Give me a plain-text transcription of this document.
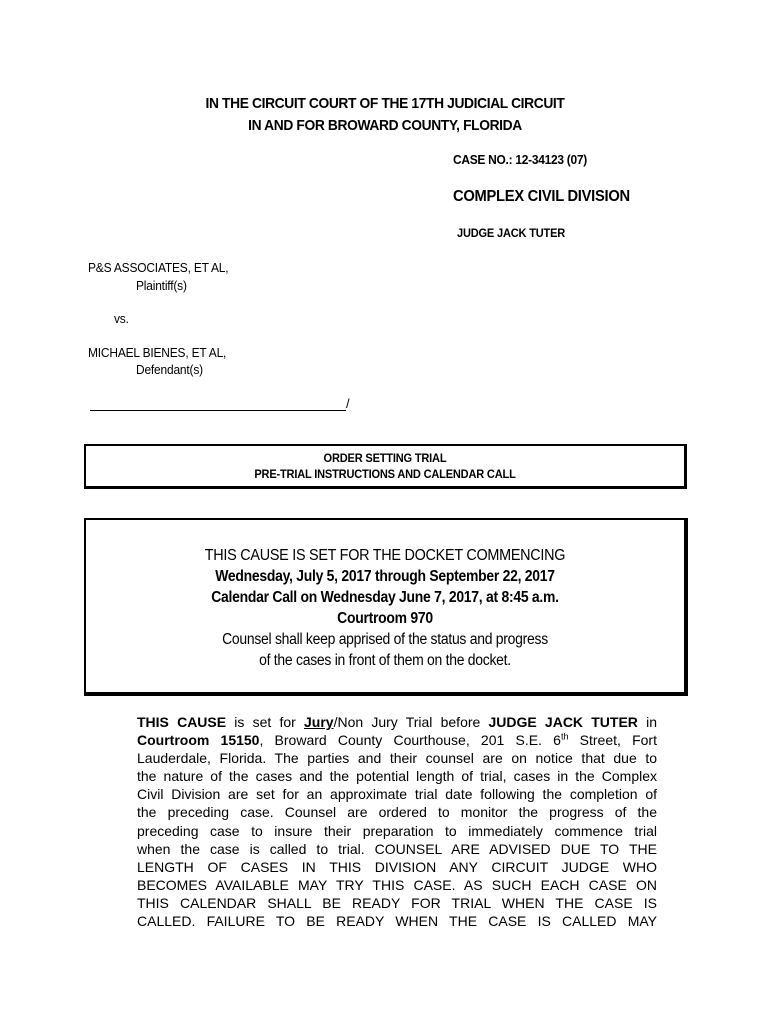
IN THE CIRCUIT COURT OF THE 17TH JUDICIAL CIRCUIT
IN AND FOR BROWARD COUNTY, FLORIDA
CASE NO.: 12-34123 (07)
COMPLEX CIVIL DIVISION
JUDGE JACK TUTER
P&S ASSOCIATES, ET AL,
Plaintiff(s)
vs.
MICHAEL BIENES, ET AL,
Defendant(s)
/
ORDER SETTING TRIAL
PRE-TRIAL INSTRUCTIONS AND CALENDAR CALL
THIS CAUSE IS SET FOR THE DOCKET COMMENCING
Wednesday, July 5, 2017 through September 22, 2017
Calendar Call on Wednesday June 7, 2017, at 8:45 a.m.
Courtroom 970
Counsel shall keep apprised of the status and progress
of the cases in front of them on the docket.
THIS CAUSE is set for Jury/Non Jury Trial before JUDGE JACK TUTER in
Courtroom 15150, Broward County Courthouse, 201 S.E. 6th Street, Fort
Lauderdale, Florida. The parties and their counsel are on notice that due to
the nature of the cases and the potential length of trial, cases in the Complex
Civil Division are set for an approximate trial date following the completion of
the preceding case. Counsel are ordered to monitor the progress of the
preceding case to insure their preparation to immediately commence trial
when the case is called to trial. COUNSEL ARE ADVISED DUE TO THE
LENGTH OF CASES IN THIS DIVISION ANY CIRCUIT JUDGE WHO
BECOMES AVAILABLE MAY TRY THIS CASE. AS SUCH EACH CASE ON
THIS CALENDAR SHALL BE READY FOR TRIAL WHEN THE CASE IS
CALLED. FAILURE TO BE READY WHEN THE CASE IS CALLED MAY
